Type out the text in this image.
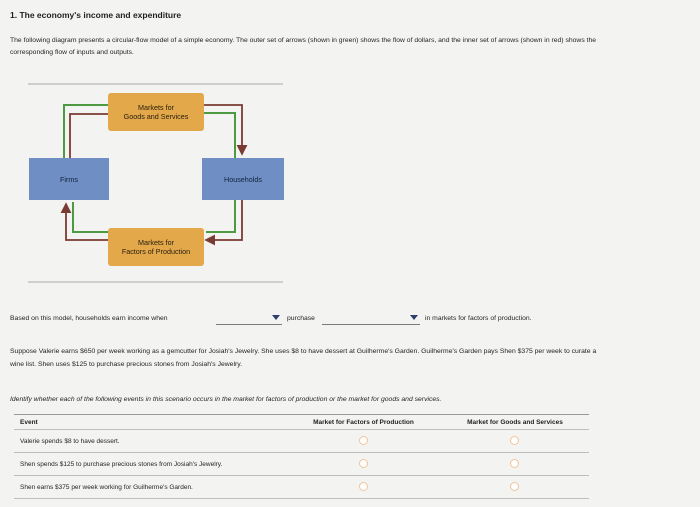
1. The economy's income and expenditure
The following diagram presents a circular-flow model of a simple economy. The outer set of arrows (shown in green) shows the flow of dollars, and the inner set of arrows (shown in red) shows the corresponding flow of inputs and outputs.
Markets for
Goods and Services
Firms	Households
Markets for
Factors of Production
Based on this model, households earn income when	purchase	in markets for factors of production.
Suppose Valerie earns $650 per week working as a gemcutter for Josiah's Jewelry. She uses $8 to have dessert at Guilherme's Garden. Guilherme's Garden pays Shen $375 per week to curate a wine list. Shen uses $125 to purchase precious stones from Josiah's Jewelry.
Identify whether each of the following events in this scenario occurs in the market for factors of production or the market for goods and services.
Event	Market for Factors of Production	Market for Goods and Services
Valerie spends $8 to have dessert.		
Shen spends $125 to purchase precious stones from Josiah's Jewelry.		
Shen earns $375 per week working for Guilherme's Garden.		
